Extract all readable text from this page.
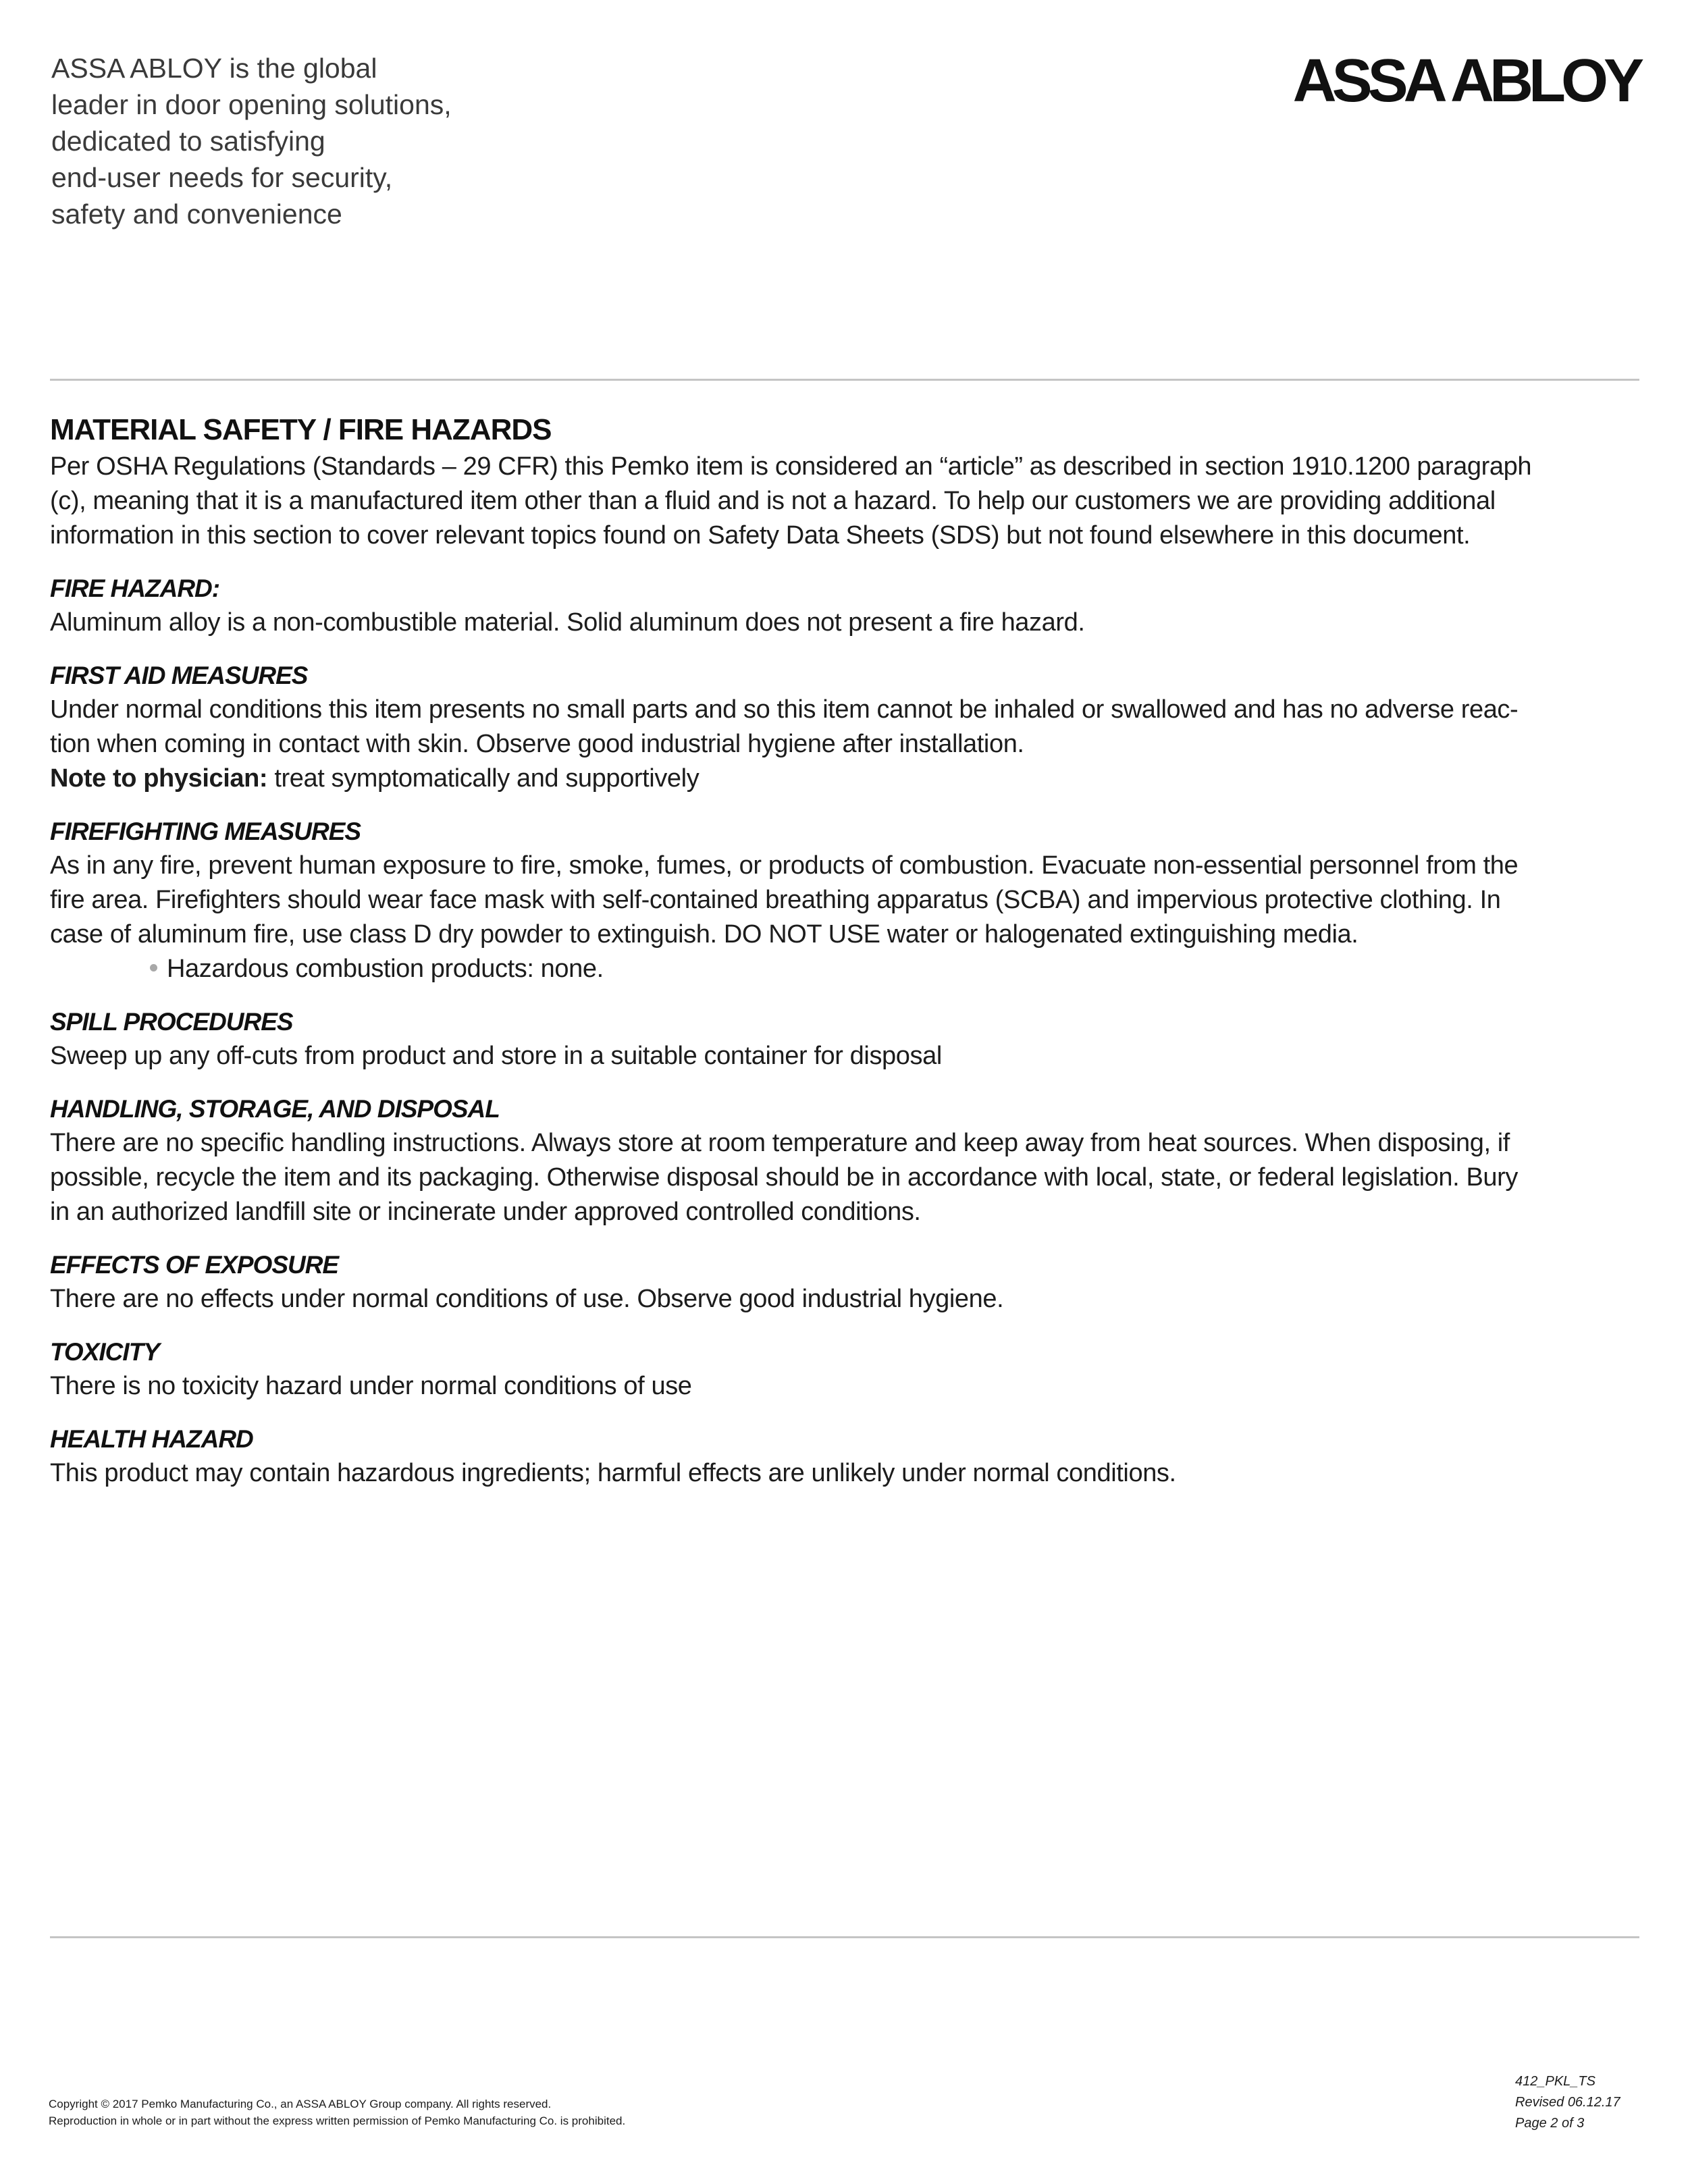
ASSA ABLOY is the global
leader in door opening solutions,
dedicated to satisfying
end-user needs for security,
safety and convenience
ASSA ABLOY
MATERIAL SAFETY / FIRE HAZARDS
Per OSHA Regulations (Standards – 29 CFR) this Pemko item is considered an “article” as described in section 1910.1200 paragraph
(c), meaning that it is a manufactured item other than a fluid and is not a hazard. To help our customers we are providing additional
information in this section to cover relevant topics found on Safety Data Sheets (SDS) but not found elsewhere in this document.
FIRE HAZARD:
Aluminum alloy is a non-combustible material. Solid aluminum does not present a fire hazard.
FIRST AID MEASURES
Under normal conditions this item presents no small parts and so this item cannot be inhaled or swallowed and has no adverse reac-
tion when coming in contact with skin. Observe good industrial hygiene after installation.
Note to physician: treat symptomatically and supportively
FIREFIGHTING MEASURES
As in any fire, prevent human exposure to fire, smoke, fumes, or products of combustion. Evacuate non-essential personnel from the
fire area. Firefighters should wear face mask with self-contained breathing apparatus (SCBA) and impervious protective clothing. In
case of aluminum fire, use class D dry powder to extinguish. DO NOT USE water or halogenated extinguishing media.
Hazardous combustion products: none.
SPILL PROCEDURES
Sweep up any off-cuts from product and store in a suitable container for disposal
HANDLING, STORAGE, AND DISPOSAL
There are no specific handling instructions. Always store at room temperature and keep away from heat sources. When disposing, if
possible, recycle the item and its packaging. Otherwise disposal should be in accordance with local, state, or federal legislation. Bury
in an authorized landfill site or incinerate under approved controlled conditions.
EFFECTS OF EXPOSURE
There are no effects under normal conditions of use. Observe good industrial hygiene.
TOXICITY
There is no toxicity hazard under normal conditions of use
HEALTH HAZARD
This product may contain hazardous ingredients; harmful effects are unlikely under normal conditions.
Copyright © 2017 Pemko Manufacturing Co., an ASSA ABLOY Group company. All rights reserved.
Reproduction in whole or in part without the express written permission of Pemko Manufacturing Co. is prohibited.
412_PKL_TS
Revised 06.12.17
Page 2 of 3
